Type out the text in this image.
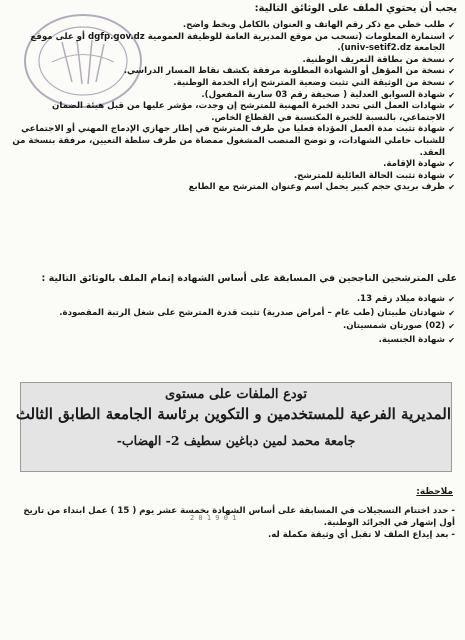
يجب أن يحتوي الملف على الوثائق التالية:
✔
طلب خطي مع ذكر رقم الهاتف و العنوان بالكامل وبخط واضح.
✔
استمارة المعلومات (تسحب من موقع المديرية العامة للوظيفة العمومية dgfp.gov.dz أو على موقع الجامعة univ-setif2.dz).
✔
نسخة من بطاقة التعريف الوطنية.
✔
نسخة من المؤهل أو الشهادة المطلوبة مرفقة بكشف نقاط المسار الدراسي.
✔
نسخة من الوثيقة التي تثبت وضعية المترشح إزاء الخدمة الوطنية.
✔
شهادة السوابق العدلية ( صحيفة رقم 03 سارية المفعول).
✔
شهادات العمل التي تحدد الخبرة المهنية للمترشح إن وجدت، مؤشر عليها من قبل هيئة الضمان الاجتماعي، بالنسبة للخبرة المكتسبة في القطاع الخاص.
✔
شهادة تثبت مدة العمل المؤداة فعليا من طرف المترشح في إطار جهازي الإدماج المهني أو الاجتماعي للشباب حاملي الشهادات، و توضح المنصب المشغول ممضاة من طرف سلطة التعيين، مرفقة بنسخة من العقد.
✔
شهادة الإقامة.
✔
شهادة تثبت الحالة العائلية للمترشح.
✔
ظرف بريدي حجم كبير يحمل اسم وعنوان المترشح مع الطابع
على المترشحين الناجحين في المسابقة على أساس الشهادة إتمام الملف بالوثائق التالية :
✔
شهادة ميلاد رقم 13.
✔
شهادتان طبيتان (طب عام – أمراض صدرية) تثبت قدرة المترشح على شغل الرتبة المقصودة.
✔
(02) صورتان شمسيتان.
✔
شهادة الجنسية.
تودع الملفات على مستوى
المديرية الفرعية للمستخدمين و التكوين برئاسة الجامعة الطابق الثالث
جامعة محمد لمين دباغين سطيف 2- الهضاب-
ملاحظة:
- حدد اختتام التسجيلات في المسابقة على أساس الشهادة بخمسة عشر يوم ( 15 ) عمل ابتداء من تاريخ أول إشهار في الجرائد الوطنية.
- بعد إيداع الملف لا تقبل أي وثيقة مكملة له.
2 0 1 9 0 1
